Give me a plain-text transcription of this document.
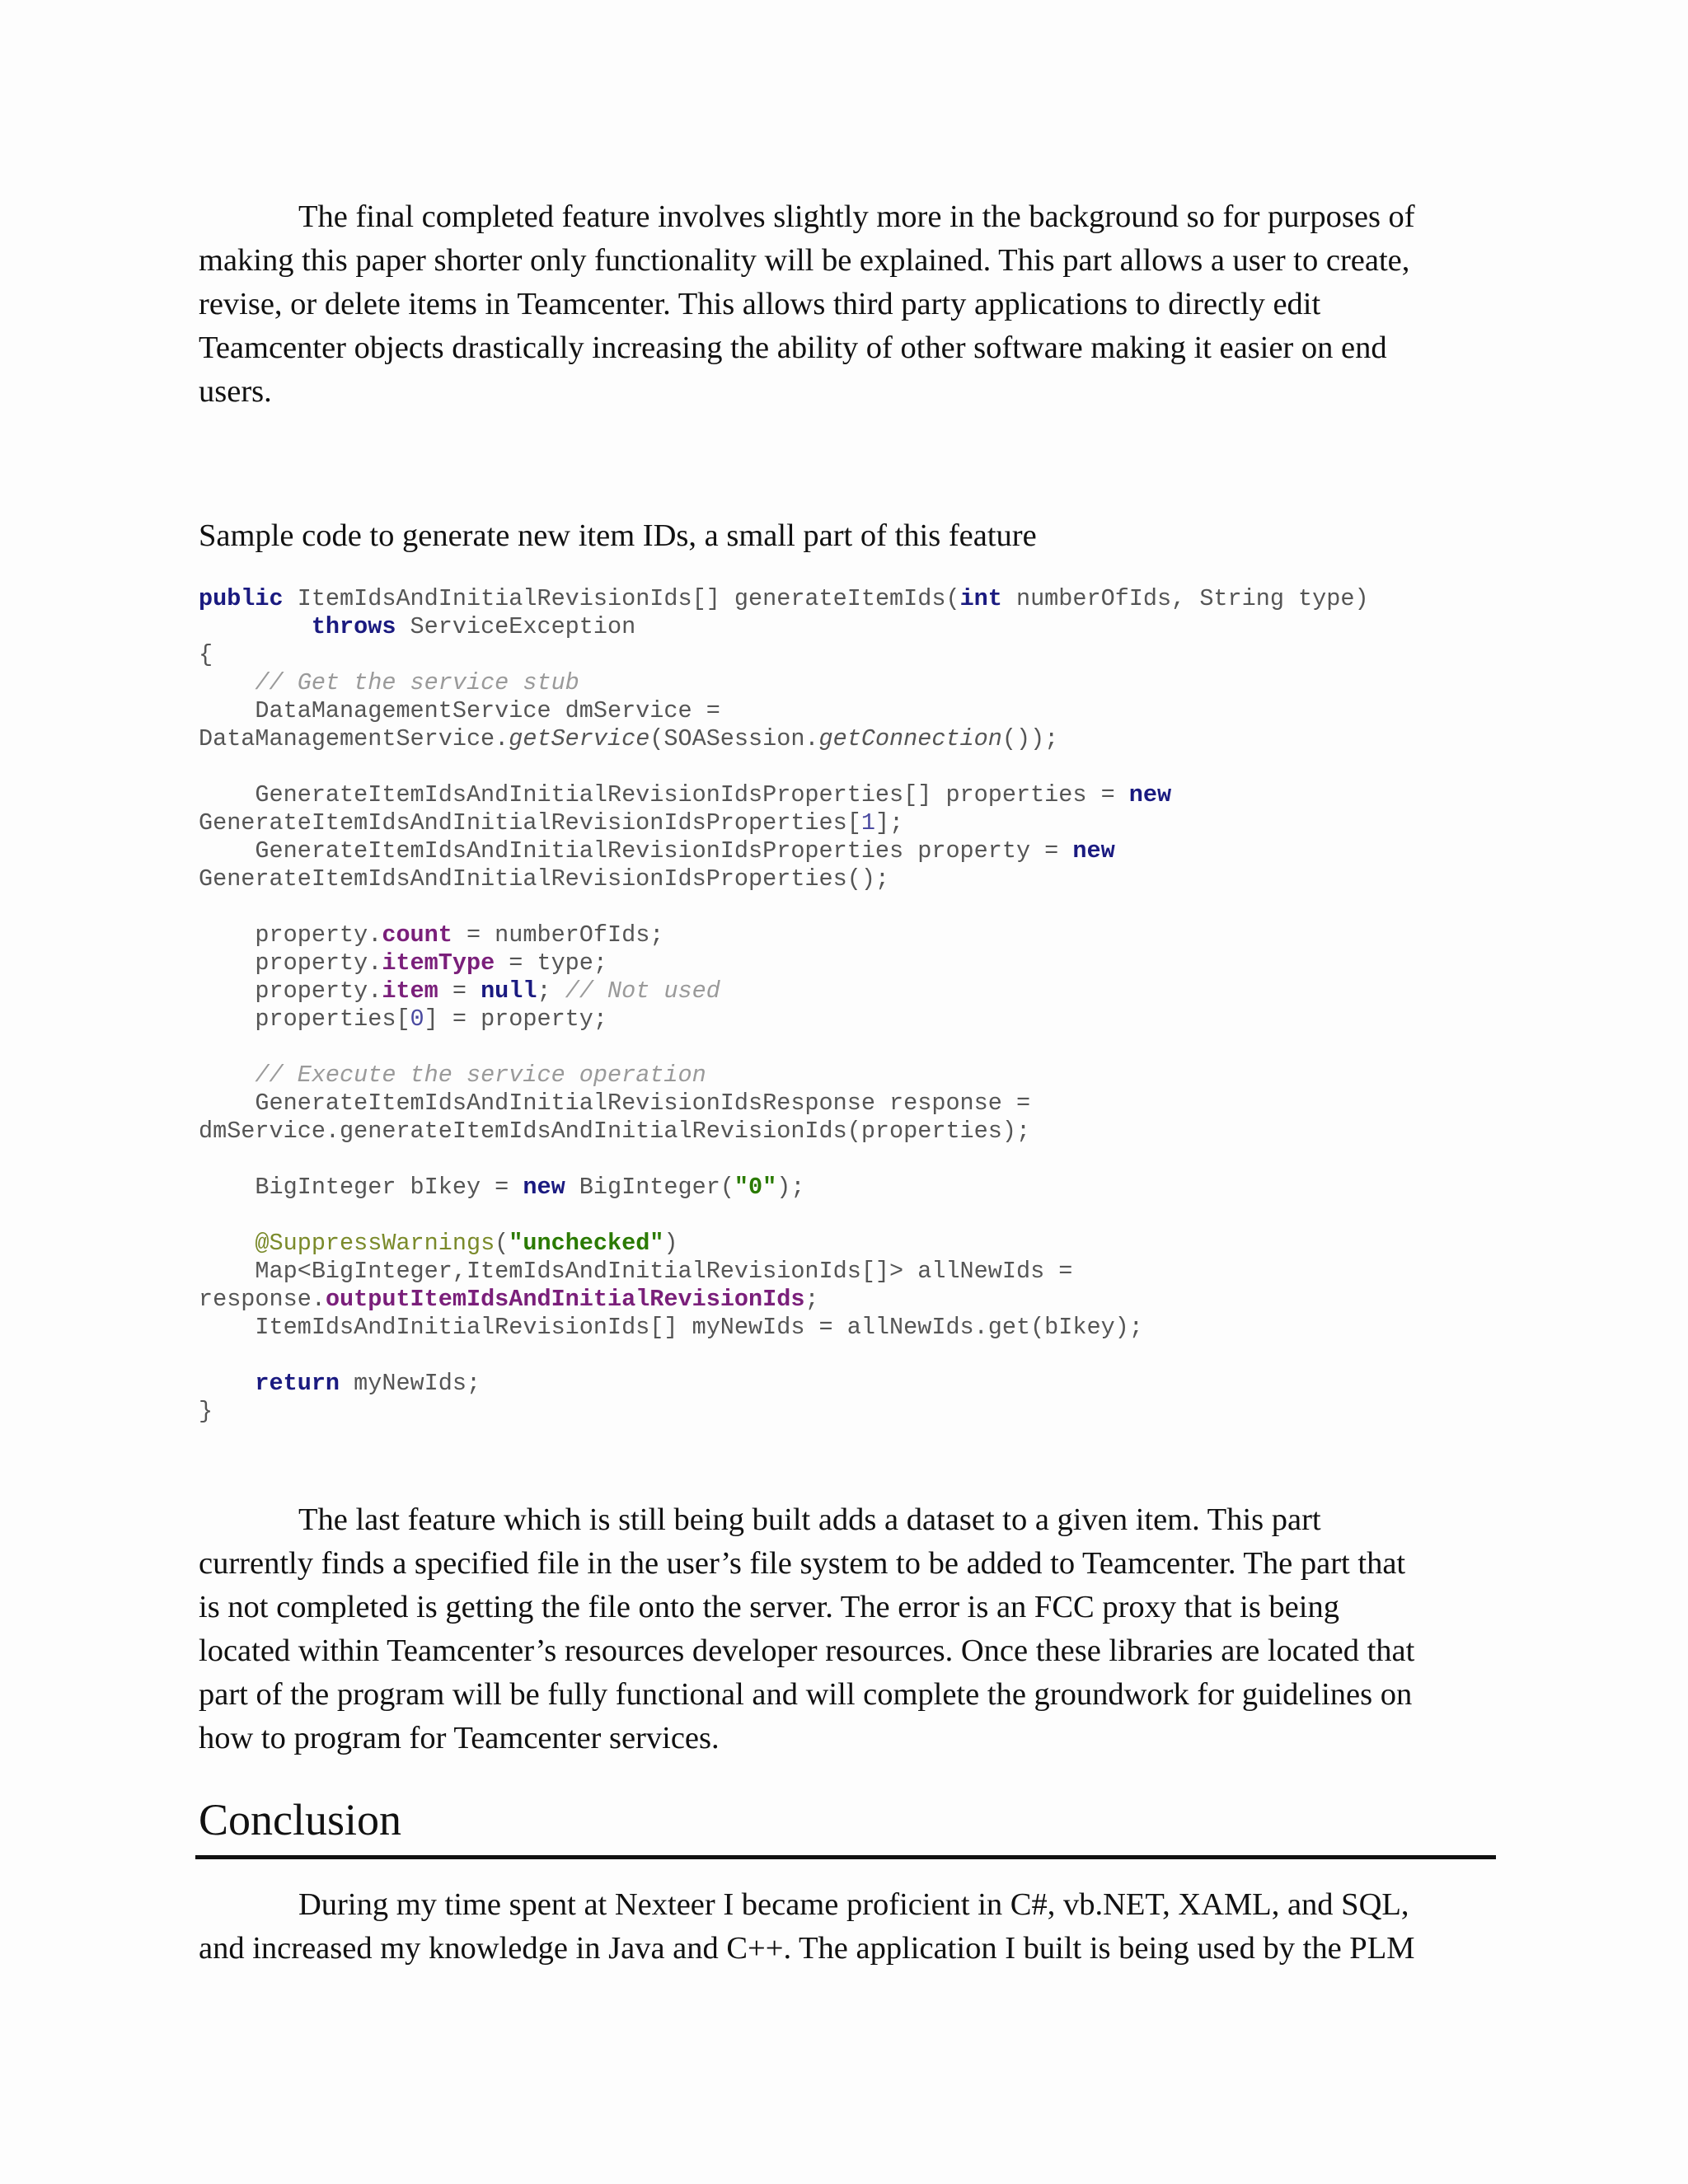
The final completed feature involves slightly more in the background so for purposes of
making this paper shorter only functionality will be explained. This part allows a user to create,
revise, or delete items in Teamcenter. This allows third party applications to directly edit
Teamcenter objects drastically increasing the ability of other software making it easier on end
users.

Sample code to generate new item IDs, a small part of this feature

public ItemIdsAndInitialRevisionIds[] generateItemIds(int numberOfIds, String type)
throws ServiceException
{
// Get the service stub
DataManagementService dmService =
DataManagementService.getService(SOASession.getConnection());
GenerateItemIdsAndInitialRevisionIdsProperties[] properties = new
GenerateItemIdsAndInitialRevisionIdsProperties[1];
GenerateItemIdsAndInitialRevisionIdsProperties property = new
GenerateItemIdsAndInitialRevisionIdsProperties();
property.count = numberOfIds;
property.itemType = type;
property.item = null; // Not used
properties[0] = property;
// Execute the service operation
GenerateItemIdsAndInitialRevisionIdsResponse response =
dmService.generateItemIdsAndInitialRevisionIds(properties);
BigInteger bIkey = new BigInteger("0");
@SuppressWarnings("unchecked")
Map<BigInteger,ItemIdsAndInitialRevisionIds[]> allNewIds =
response.outputItemIdsAndInitialRevisionIds;
ItemIdsAndInitialRevisionIds[] myNewIds = allNewIds.get(bIkey);
return myNewIds;
}

The last feature which is still being built adds a dataset to a given item. This part
currently finds a specified file in the user’s file system to be added to Teamcenter. The part that
is not completed is getting the file onto the server. The error is an FCC proxy that is being
located within Teamcenter’s resources developer resources. Once these libraries are located that
part of the program will be fully functional and will complete the groundwork for guidelines on
how to program for Teamcenter services.

Conclusion

During my time spent at Nexteer I became proficient in C#, vb.NET, XAML, and SQL,
and increased my knowledge in Java and C++. The application I built is being used by the PLM
